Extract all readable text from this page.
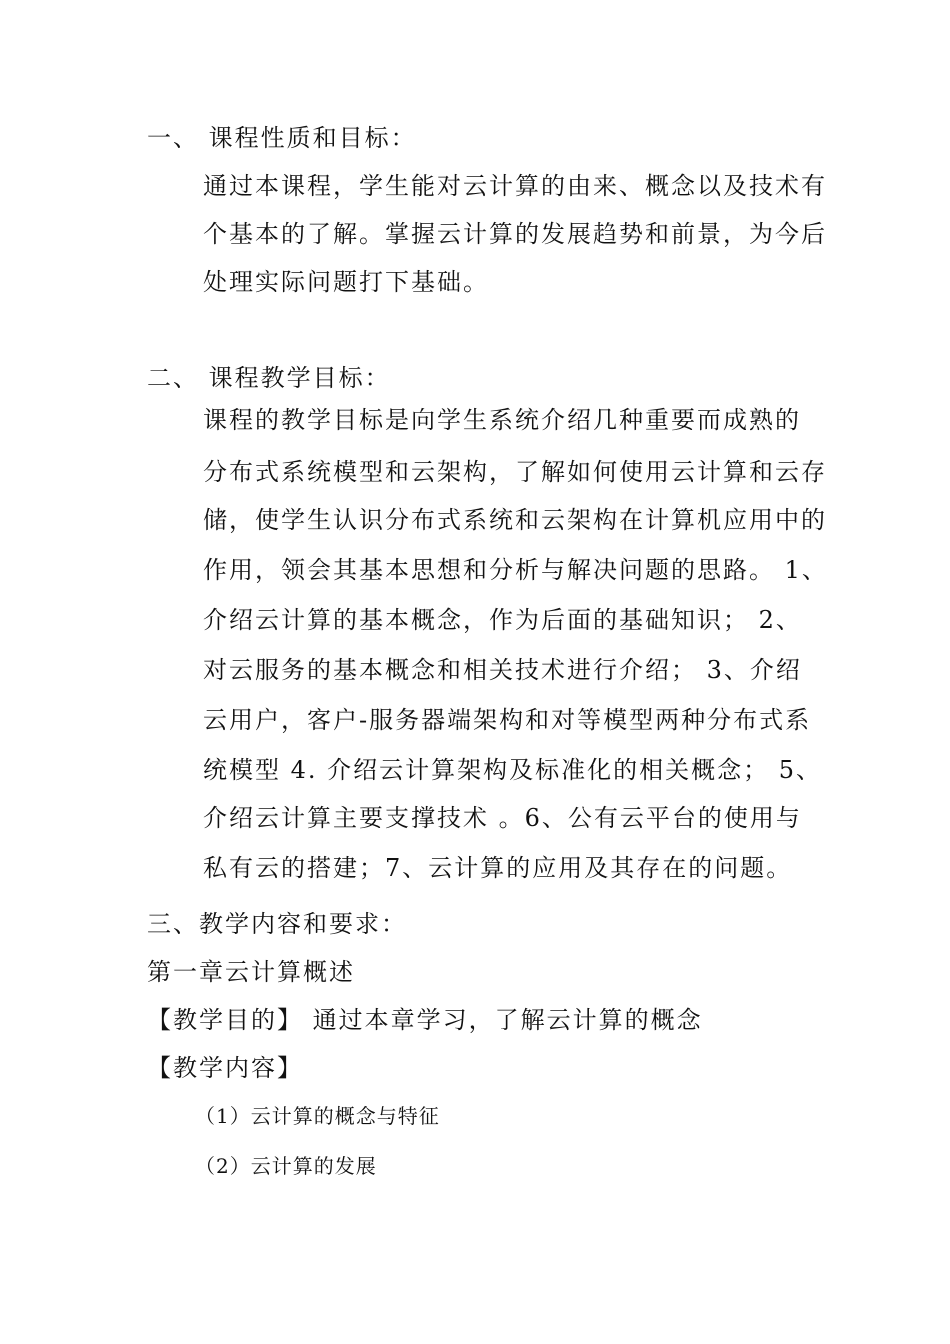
一、 课程性质和目标：
通过本课程，学生能对云计算的由来、概念以及技术有
个基本的了解。掌握云计算的发展趋势和前景，为今后
处理实际问题打下基础。
二、 课程教学目标：
课程的教学目标是向学生系统介绍几种重要而成熟的
分布式系统模型和云架构，了解如何使用云计算和云存
储，使学生认识分布式系统和云架构在计算机应用中的
作用，领会其基本思想和分析与解决问题的思路。 1、
介绍云计算的基本概念，作为后面的基础知识； 2、
对云服务的基本概念和相关技术进行介绍； 3、介绍
云用户，客户-服务器端架构和对等模型两种分布式系
统模型 4. 介绍云计算架构及标准化的相关概念； 5、
介绍云计算主要支撑技术 。6、公有云平台的使用与
私有云的搭建；7、云计算的应用及其存在的问题。
三、教学内容和要求：
第一章云计算概述
【教学目的】 通过本章学习，了解云计算的概念
【教学内容】
（1）云计算的概念与特征
（2）云计算的发展
